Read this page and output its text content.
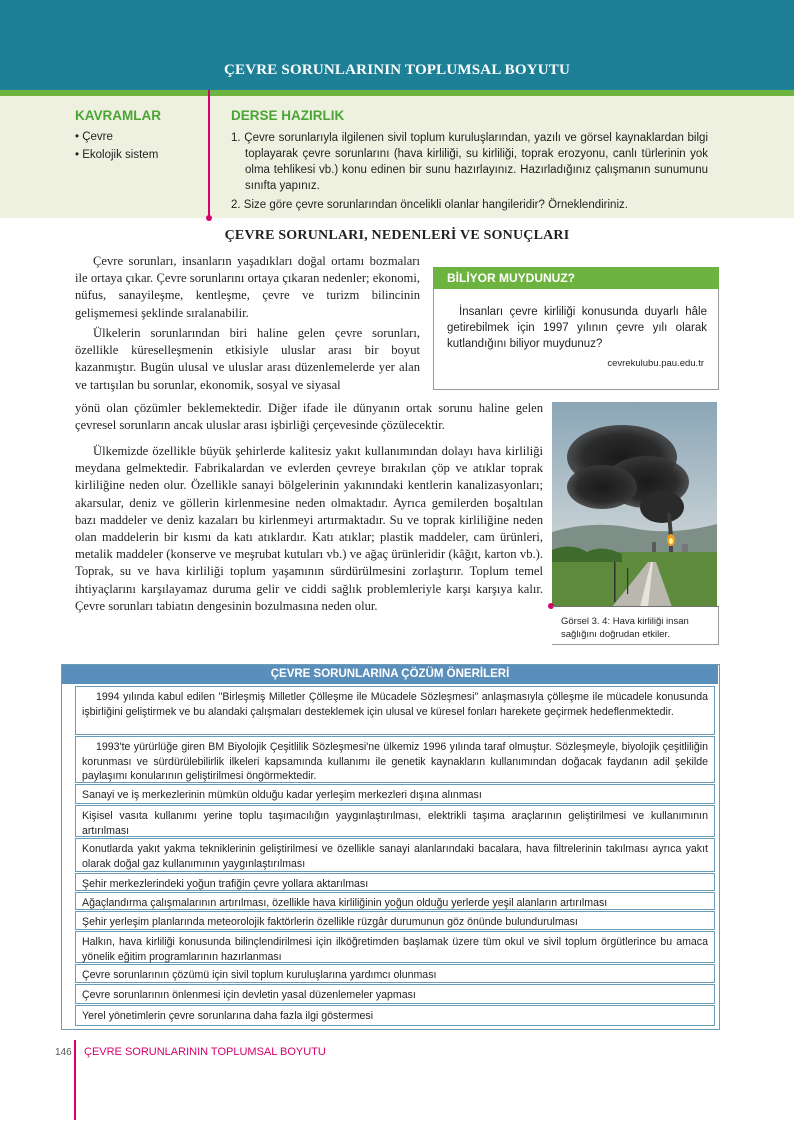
ÇEVRE SORUNLARININ TOPLUMSAL BOYUTU
KAVRAMLAR
• Çevre
• Ekolojik sistem
DERSE HAZIRLIK
1. Çevre sorunlarıyla ilgilenen sivil toplum kuruluşlarından, yazılı ve görsel kaynaklardan bilgi toplayarak çevre sorunlarını (hava kirliliği, su kirliliği, toprak erozyonu, canlı türlerinin yok olma tehlikesi vb.) konu edinen bir sunu hazırlayınız. Hazırladığınız çalışmanın sunumunu sınıfta yapınız.
2. Size göre çevre sorunlarından öncelikli olanlar hangileridir? Örneklendiriniz.
ÇEVRE SORUNLARI, NEDENLERİ VE SONUÇLARI

Çevre sorunları, insanların yaşadıkları doğal ortamı bozmaları ile ortaya çıkar. Çevre sorunlarını ortaya çıkaran nedenler; ekonomi, nüfus, sanayileşme, kentleşme, çevre ve turizm bilincinin gelişmemesi şeklinde sıralanabilir.

Ülkelerin sorunlarından biri haline gelen çevre sorunları, özellikle küreselleşmenin etkisiyle uluslar arası bir boyut kazanmıştır. Bugün ulusal ve uluslar arası düzenlemelerde yer alan ve tartışılan bu sorunlar, ekonomik, sosyal ve siyasal

yönü olan çözümler beklemektedir. Diğer ifade ile dünyanın ortak sorunu haline gelen çevresel sorunların ancak uluslar arası işbirliği çerçevesinde çözülecektir.

Ülkemizde özellikle büyük şehirlerde kalitesiz yakıt kullanımından dolayı hava kirliliği meydana gelmektedir. Fabrikalardan ve evlerden çevreye bırakılan çöp ve atıklar toprak kirliliğine neden olur. Özellikle sanayi bölgelerinin yakınındaki kentlerin kanalizasyonları; akarsular, deniz ve göllerin kirlenmesine neden olmaktadır. Ayrıca gemilerden boşaltılan bazı maddeler ve deniz kazaları bu kirlenmeyi artırmaktadır. Su ve toprak kirliliğine neden olan maddelerin bir kısmı da katı atıklardır. Katı atıklar; plastik maddeler, cam ürünleri, metalik maddeler (konserve ve meşrubat kutuları vb.) ve ağaç ürünleridir (kâğıt, karton vb.). Toprak, su ve hava kirliliği toplum yaşamının sürdürülmesini zorlaştırır. Toplum temel ihtiyaçlarını karşılayamaz duruma gelir ve ciddi sağlık problemleriyle karşı karşıya kalır. Çevre sorunları tabiatın dengesinin bozulmasına neden olur.

BİLİYOR MUYDUNUZ?
İnsanları çevre kirliliği konusunda duyarlı hâle getirebilmek için 1997 yılının çevre yılı olarak kutlandığını biliyor muydunuz?
cevrekulubu.pau.edu.tr
Görsel 3. 4: Hava kirliliği insan sağlığını doğrudan etkiler.
ÇEVRE SORUNLARINA ÇÖZÜM ÖNERİLERİ
1994 yılında kabul edilen "Birleşmiş Milletler Çölleşme ile Mücadele Sözleşmesi" anlaşmasıyla çölleşme ile mücadele konusunda işbirliğini geliştirmek ve bu alandaki çalışmaları desteklemek için ulusal ve küresel fonları harekete geçirmek hedeflenmektedir.
1993'te yürürlüğe giren BM Biyolojik Çeşitlilik Sözleşmesi'ne ülkemiz 1996 yılında taraf olmuştur. Sözleşmeyle, biyolojik çeşitliliğin korunması ve sürdürülebilirlik ilkeleri kapsamında kullanımı ile genetik kaynakların kullanımından doğacak faydanın adil şekilde paylaşımı konularının geliştirilmesi öngörmektedir.
Sanayi ve iş merkezlerinin mümkün olduğu kadar yerleşim merkezleri dışına alınması
Kişisel vasıta kullanımı yerine toplu taşımacılığın yaygınlaştırılması, elektrikli taşıma araçlarının geliştirilmesi ve kullanımının artırılması
Konutlarda yakıt yakma tekniklerinin geliştirilmesi ve özellikle sanayi alanlarındaki bacalara, hava filtrelerinin takılması ayrıca yakıt olarak doğal gaz kullanımının yaygınlaştırılması
Şehir merkezlerindeki yoğun trafiğin çevre yollara aktarılması
Ağaçlandırma çalışmalarının artırılması, özellikle hava kirliliğinin yoğun olduğu yerlerde yeşil alanların artırılması
Şehir yerleşim planlarında meteorolojik faktörlerin özellikle rüzgâr durumunun göz önünde bulundurulması
Halkın, hava kirliliği konusunda bilinçlendirilmesi için ilköğretimden başlamak üzere tüm okul ve sivil toplum örgütlerince bu amaca yönelik eğitim programlarının hazırlanması
Çevre sorunlarının çözümü için sivil toplum kuruluşlarına yardımcı olunması
Çevre sorunlarının önlenmesi için devletin yasal düzenlemeler yapması
Yerel yönetimlerin çevre sorunlarına daha fazla ilgi göstermesi
146 ÇEVRE SORUNLARININ TOPLUMSAL BOYUTU
